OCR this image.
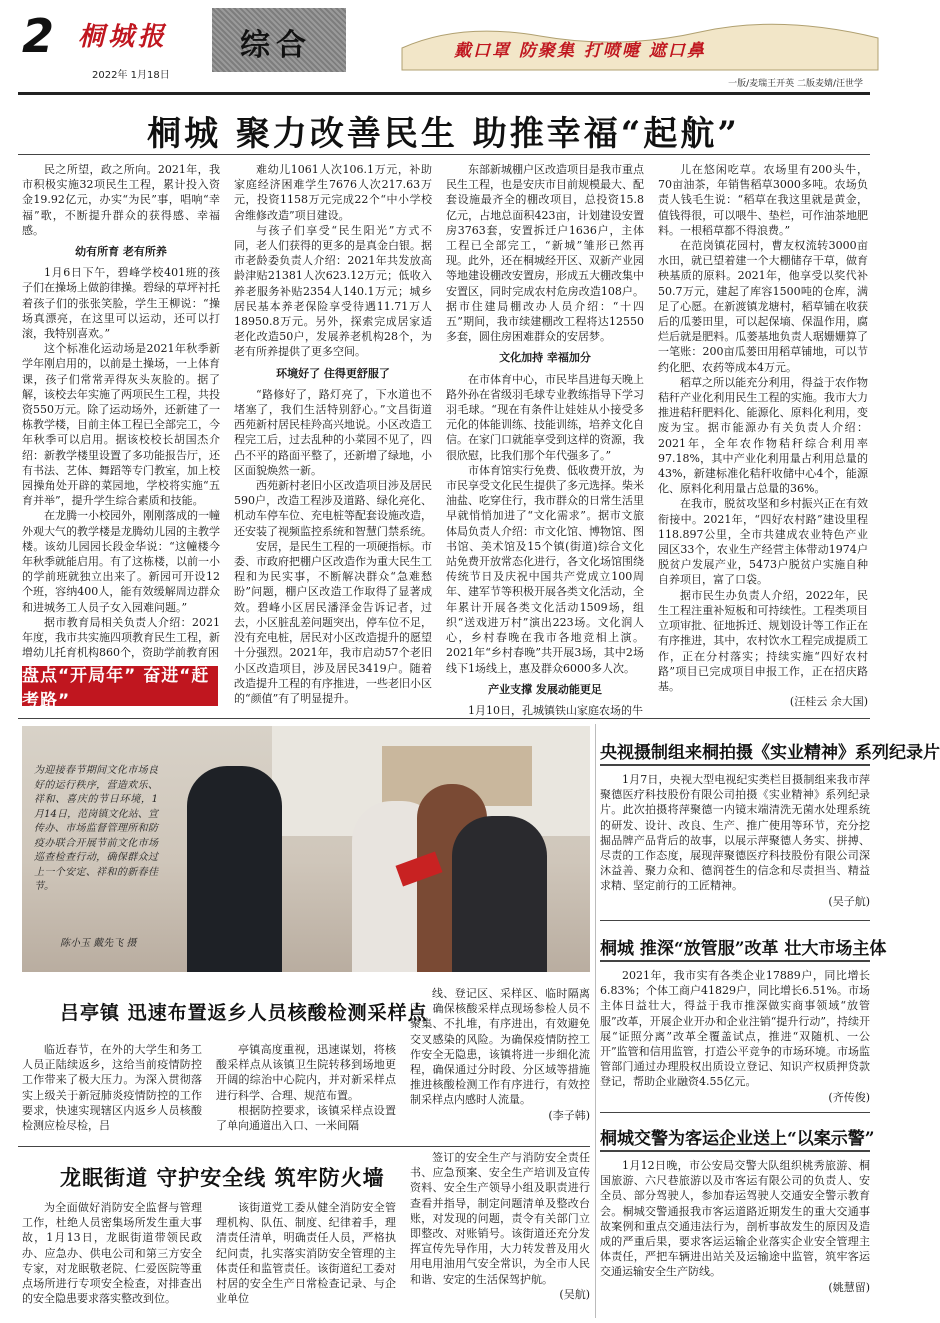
2 桐城报
2022年 1月18日
综合	戴口罩 防聚集 打喷嚏 遮口鼻
一版/麦瑞王开英 二版麦婧/汪世学
桐城 聚力改善民生 助推幸福“起航”

民之所望，政之所向。2021年，我市积极实施32项民生工程，累计投入资金19.92亿元，办实“为民”事，唱响“幸福”歌，不断提升群众的获得感、幸福感。

幼有所育 老有所养

1月6日下午，碧峰学校401班的孩子们在操场上做韵律操。碧绿的草坪衬托着孩子们的张张笑脸，学生王柳说：“操场真漂亮，在这里可以运动，还可以打滚，我特别喜欢。”

这个标准化运动场是2021年秋季新学年刚启用的，以前是土操场，一上体育课，孩子们常常弄得灰头灰脸的。据了解，该校去年实施了两项民生工程，共投资550万元。除了运动场外，还新建了一栋教学楼，目前主体工程已全部完工，今年秋季可以启用。据该校校长胡国杰介绍：新教学楼里设置了多功能报告厅，还有书法、艺体、舞蹈等专门教室，加上校园操角处开辟的菜园地，学校将实施“五育并举”，提升学生综合素质和技能。

在龙腾一小校园外，刚刚落成的一幢外观大气的教学楼是龙腾幼儿园的主教学楼。该幼儿园园长段金华说：“这幢楼今年秋季就能启用。有了这栋楼，以前一小的学前班就独立出来了。新园可开设12个班，容纳400人，能有效缓解周边群众和进城务工人员子女入园难问题。”

据市教育局相关负责人介绍：2021年度，我市共实施四项教育民生工程，新增幼儿托育机构860个，资助学前教育困

难幼儿1061人次106.1万元，补助家庭经济困难学生7676人次217.63万元，投资1158万元完成22个“中小学校舍维修改造”项目建设。

与孩子们享受“民生阳光”方式不同，老人们获得的更多的是真金白银。据市老龄委负责人介绍：2021年共发放高龄津贴21381人次623.12万元；低收入养老服务补贴2354人140.1万元；城乡居民基本养老保险享受待遇11.71万人18950.8万元。另外，探索完成居家适老化改造50户，发展养老机构28个，为老有所养提供了更多空间。

环境好了 住得更舒服了

“路修好了，路灯亮了，下水道也不堵塞了，我们生活特别舒心。”文昌街道西苑新村居民桂羚高兴地说。小区改造工程完工后，过去乱种的小菜园不见了，四凸不平的路面平整了，还新增了绿地，小区面貌焕然一新。

西苑新村老旧小区改造项目涉及居民590户，改造工程涉及道路、绿化亮化、机动车停车位、充电桩等配套设施改造，还安装了视频监控系统和智慧门禁系统。

安居，是民生工程的一项硬指标。市委、市政府把棚户区改造作为重大民生工程和为民实事，不断解决群众“急难愁盼”问题，棚户区改造工作取得了显著成效。碧峰小区居民潘泽金告诉记者，过去，小区脏乱差问题突出，停车位不足，没有充电桩，居民对小区改造提升的愿望十分强烈。2021年，我市启动57个老旧小区改造项目，涉及居民3419户。随着改造提升工程的有序推进，一些老旧小区的“颜值”有了明显提升。

东部新城棚户区改造项目是我市重点民生工程，也是安庆市目前规模最大、配套设施最齐全的棚改项目，总投资15.8亿元，占地总面积423亩，计划建设安置房3763套，安置拆迁户1636户，主体工程已全部完工，“新城”雏形已然再现。此外，还在桐城经开区、双新产业园等地建设棚改安置房，形成五大棚改集中安置区，同时完成农村危房改造108户。据市住建局棚改办人员介绍：“十四五”期间，我市续建棚改工程将达12550多套，圆住房困难群众的安居梦。

文化加持 幸福加分

在市体育中心，市民毕昌进每天晚上路外孙在省级羽毛球专业教练指导下学习羽毛球。“现在有条件让娃娃从小接受多元化的体能训练、技能训练，培养文化自信。在家门口就能享受到这样的资源，我很欣慰，比我们那个年代强多了。”

市体育馆实行免费、低收费开放，为市民享受文化民生提供了多元选择。柴米油盐、吃穿住行，我市群众的日常生活里早就悄悄加进了“文化需求”。据市文旅体局负责人介绍：市文化馆、博物馆、图书馆、美术馆及15个镇(街道)综合文化站免费开放常态化进行，各文化场馆围绕传统节日及庆祝中国共产党成立100周年、建军节等积极开展各类文化活动，全年累计开展各类文化活动1509场，组织“送戏进万村”演出223场。文化润人心，乡村春晚在我市各地竞相上演。2021年“乡村春晚”共开展3场，其中2场线下1场线上，惠及群众6000多人次。

产业支撑 发展动能更足

1月10日，孔城镇铁山家庭农场的牛

儿在悠闲吃草。农场里有200头牛，70亩油茶，年销售稻草3000多吨。农场负责人钱毛生说：“稻草在我这里就是黄金，值钱得很，可以喂牛、垫栏，可作油茶地肥料。一根稻草都不得浪费。”

在范岗镇花园村，曹友权流转3000亩水田，就已望着建一个大棚储存干草，做育秧基质的原料。2021年，他享受以奖代补50.7万元，建起了库容1500吨的仓库，满足了心愿。在新渡镇龙塘村，稻草铺在收获后的瓜蒌田里，可以起保墒、保温作用，腐烂后就是肥料。瓜蒌基地负责人琚姗姗算了一笔账：200亩瓜蒌田用稻草铺地，可以节约化肥、农药等成本4万元。

稻草之所以能充分利用，得益于农作物秸秆产业化利用民生工程的实施。我市大力推进秸秆肥料化、能源化、原料化利用，变废为宝。据市能源办有关负责人介绍：2021年，全年农作物秸秆综合利用率97.18%，其中产业化利用量占利用总量的43%，新建标准化秸秆收储中心4个，能源化、原料化利用量占总量的36%。

在我市，脱贫攻坚和乡村振兴正在有效衔接中。2021年，“四好农村路”建设里程118.897公里，全市共建成农业特色产业园区33个，农业生产经营主体带动1974户脱贫户发展产业，5473户脱贫户实施自种自养项目，富了口袋。

据市民生办负责人介绍，2022年，民生工程注重补短板和可持续性。工程类项目立项审批、征地拆迁、规划设计等工作正在有序推进，其中，农村饮水工程完成提质工作，正在分村落实；持续实施“四好农村路”项目已完成项目申报工作，正在招庆路基。

(汪桂云 余大国)

盘点“开局年” 奋进“赶考路”
为迎接春节期间文化市场良好的运行秩序，营造欢乐、祥和、喜庆的节日环境，1月14日，范岗镇文化站、宣传办、市场监督管理所和防疫办联合开展节前文化市场巡查检查行动，确保群众过上一个安定、祥和的新春佳节。
陈小玉 戴先飞 摄
吕亭镇 迅速布置返乡人员核酸检测采样点

临近春节，在外的大学生和务工人员正陆续返乡，这给当前疫情防控工作带来了极大压力。为深入贯彻落实上级关于新冠肺炎疫情防控的工作要求，快速实现辖区内返乡人员核酸检测应检尽检，吕

亭镇高度重视，迅速谋划，将核酸采样点从该镇卫生院转移到场地更开阔的综治中心院内，并对新采样点进行科学、合理、规范布置。

根据防控要求，该镇采样点设置了单向通道出入口、一米间隔

线、登记区、采样区、临时隔离区，确保核酸采样点现场参检人员不聚集、不扎堆，有序进出，有效避免交叉感染的风险。为确保疫情防控工作安全无隐患，该镇将进一步细化流程，确保通过分时段、分区域等措施推进核酸检测工作有序进行，有效控制采样点内感时人流量。

(李子韩)

龙眠街道 守护安全线 筑牢防火墙

为全面做好消防安全监督与管理工作，杜绝人员密集场所发生重大事故，1月13日，龙眠街道带领民政办、应急办、供电公司和第三方安全专家，对龙眠敬老院、仁爱医院等重点场所进行专项安全检查，对排查出的安全隐患要求落实整改到位。

该街道党工委从健全消防安全管理机构、队伍、制度、纪律着手，理清责任清单，明确责任人员，严格执纪问责，扎实落实消防安全管理的主体责任和监管责任。该街道纪工委对村居的安全生产日常检查记录、与企业单位

签订的安全生产与消防安全责任书、应急预案、安全生产培训及宣传资料、安全生产领导小组及职责进行查看并指导，制定问题清单及整改台账，对发现的问题，责令有关部门立即整改、对账销号。该街道还充分发挥宣传先导作用，大力转发普及用火用电用油用气安全常识，为全市人民和谐、安定的生活保驾护航。

(吴航)

央视摄制组来桐拍摄《实业精神》系列纪录片

1月7日，央视大型电视纪实类栏目摄制组来我市萍聚德医疗科技股份有限公司拍摄《实业精神》系列纪录片。此次拍摄将萍聚德一内镜末端清洗无菌水处理系统的研发、设计、改良、生产、推广使用等环节，充分挖掘品牌产品背后的故事，以展示萍聚德人务实、拼搏、尽责的工作态度，展现萍聚德医疗科技股份有限公司深沐益善、聚力众和、德润苍生的信念和尽责担当、精益求精、坚定前行的工匠精神。

(吴子航)

桐城 推深“放管服”改革 壮大市场主体

2021年，我市实有各类企业17889户，同比增长6.83%；个体工商户41829户，同比增长6.51%。市场主体日益壮大，得益于我市推深做实商事领域“放管服”改革，开展企业开办和企业注销“提升行动”，持续开展“证照分离”改革全覆盖试点，推进“双随机、一公开”监管和信用监管，打造公平竞争的市场环境。市场监管部门通过办理股权出质设立登记、知识产权质押贷款登记，帮助企业融资4.55亿元。

(齐传俊)

桐城交警为客运企业送上“以案示警”

1月12日晚，市公安局交警大队组织桃秀旅游、桐国旅游、六尺巷旅游以及市客运有限公司的负责人、安全员、部分驾驶人，参加春运驾驶人交通安全警示教育会。桐城交警通报我市客运道路近期发生的重大交通事故案例和重点交通违法行为，剖析事故发生的原因及造成的严重后果，要求客运运输企业落实企业安全管理主体责任，严把车辆进出站关及运输途中监管，筑牢客运交通运输安全生产防线。

(姚慧留)
